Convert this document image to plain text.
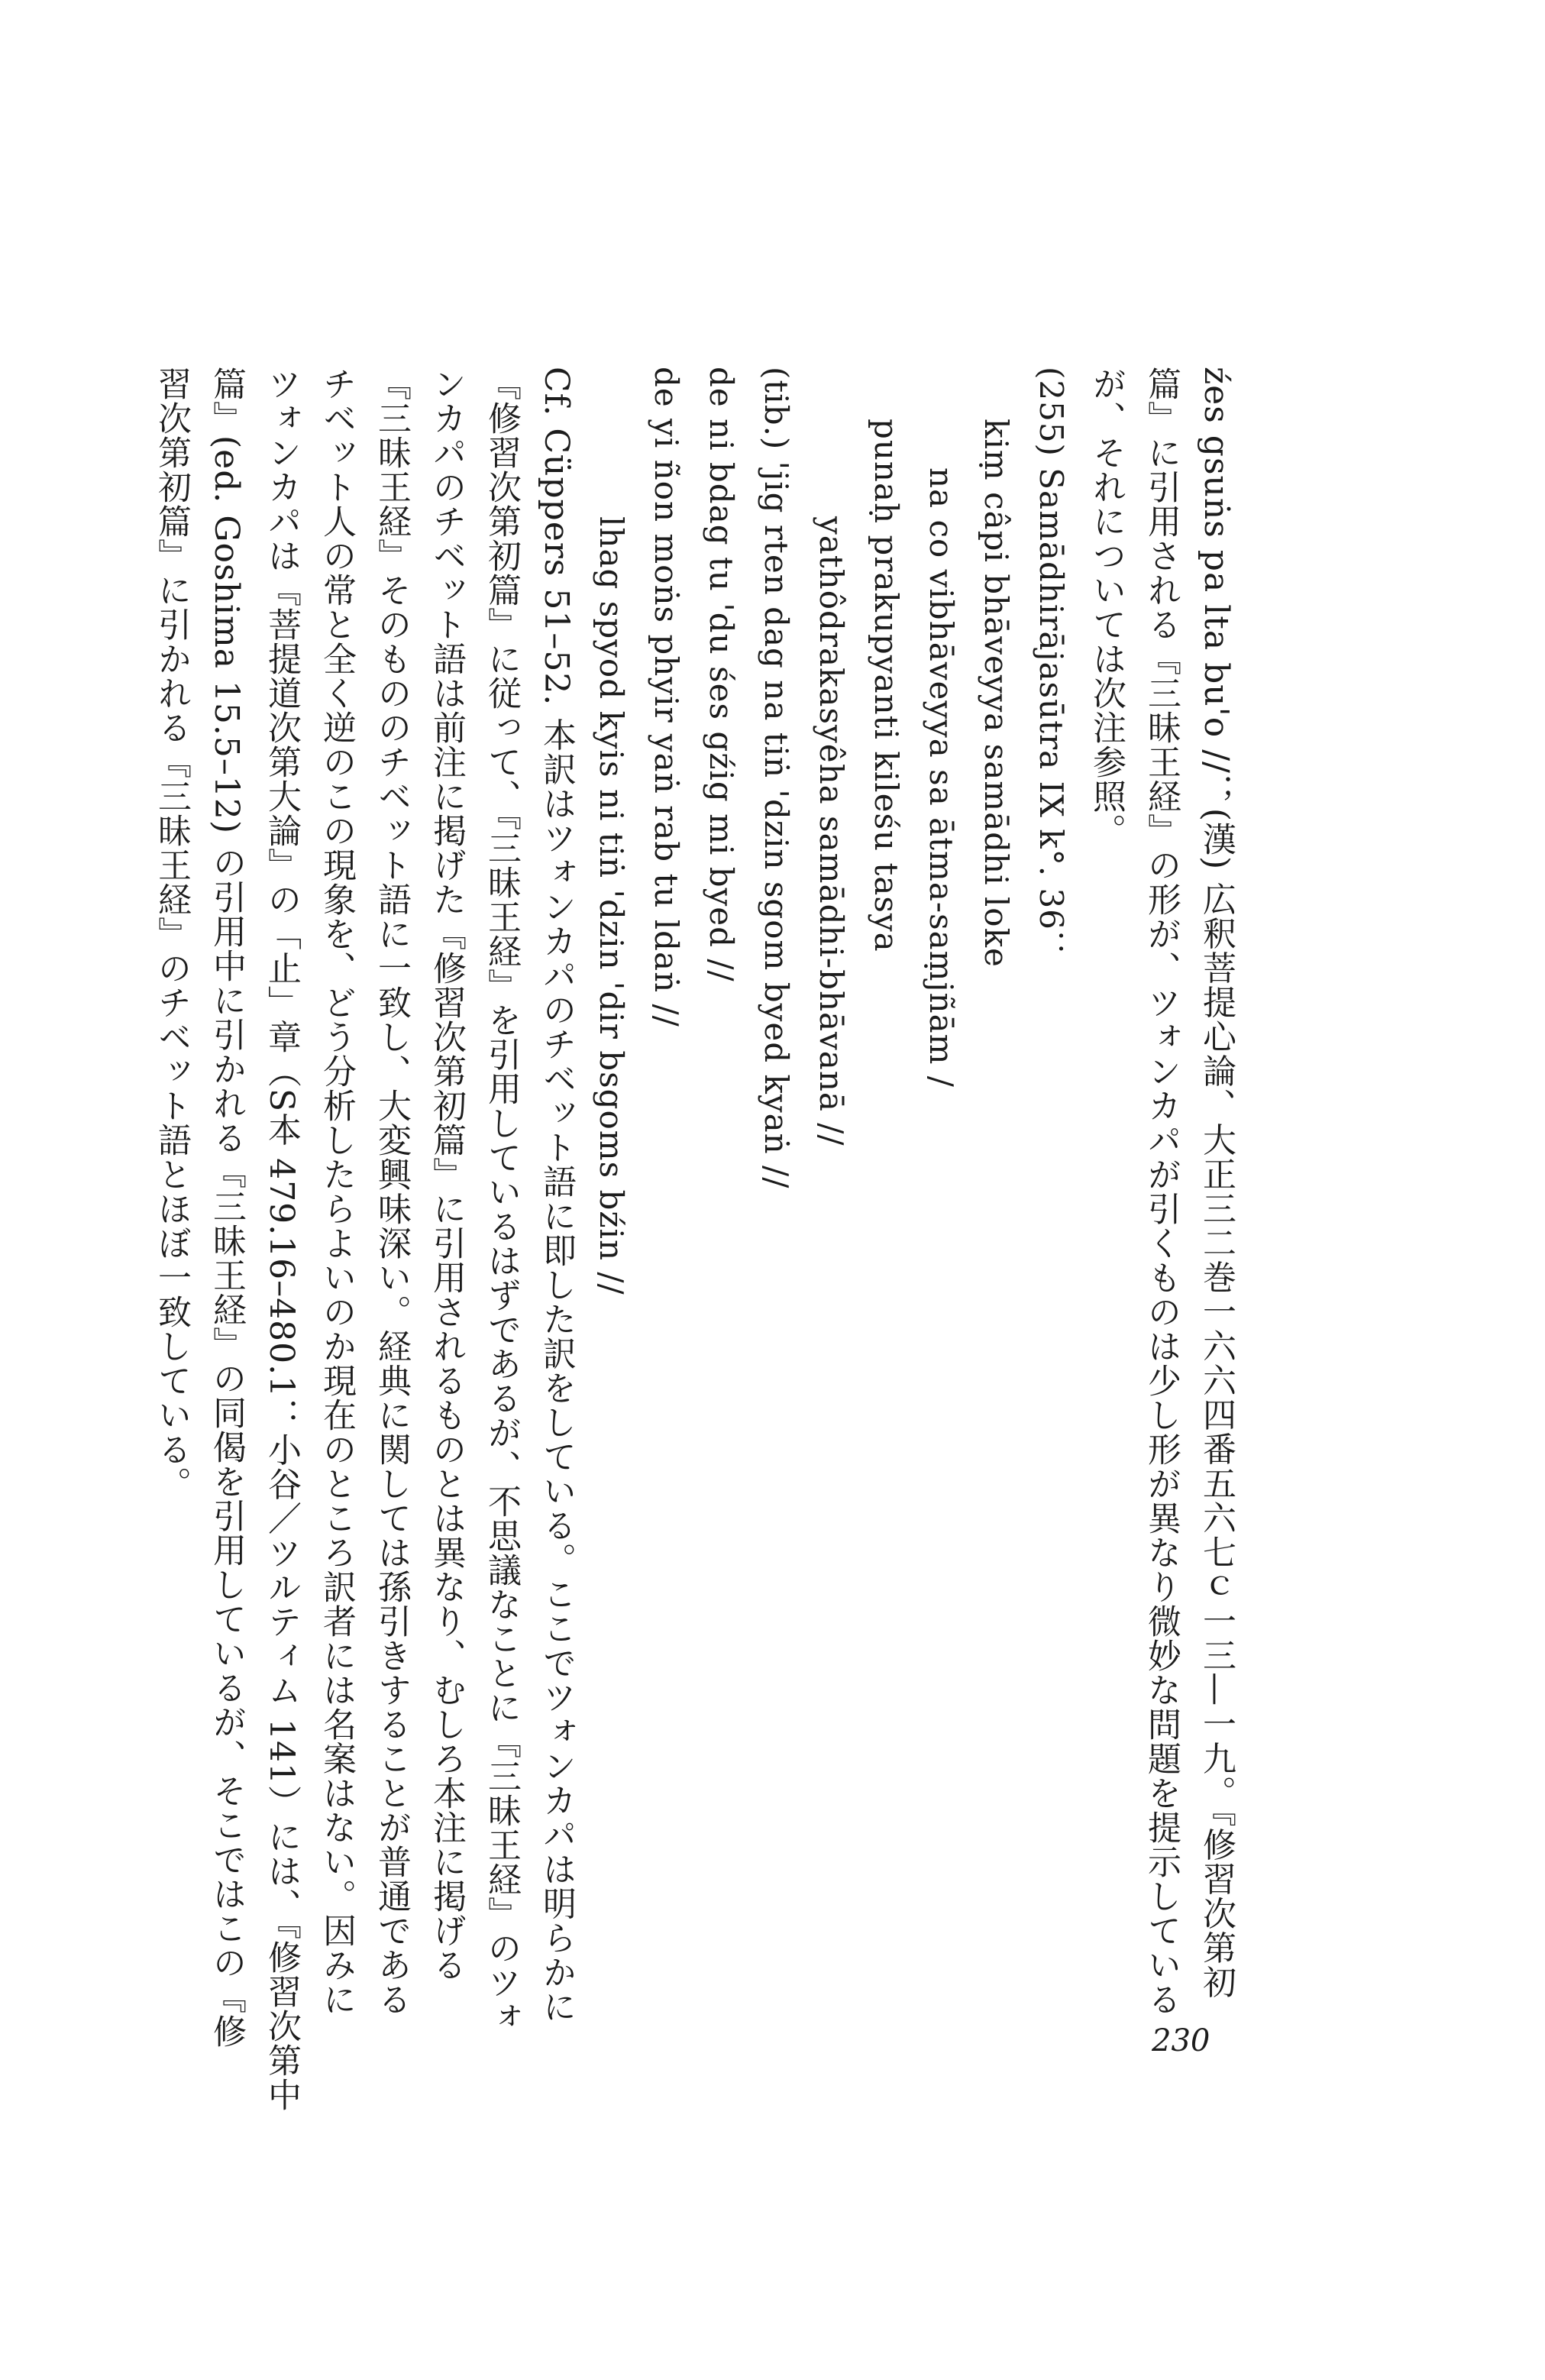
źes gsuṅs pa lta bu'o //；(漢) 広釈菩提心論、大正三二巻一六六四番五六七ｃ一三—一九。『修習次第初
篇』に引用される『三昧王経』の形が、ツォンカパが引くものは少し形が異なり微妙な問題を提示している
が、それについては次注参照。
(255) Samādhirājasūtra IX k°. 36：
kiṃ câpi bhāveyya samādhi loke
na co vibhāveyya sa ātma-saṃjñām /
punaḥ prakupyanti kileśu tasya
yathôdrakasyêha samādhi-bhāvanā //
(tib.) 'jig rten dag na tiṅ 'dzin sgom byed kyaṅ //
de ni bdag tu 'du śes gźig mi byed //
de yi ñon moṅs phyir yaṅ rab tu ldaṅ //
lhag spyod kyis ni tiṅ 'dzin 'dir bsgoms bźin //
Cf. Cüppers 51–52. 本訳はツォンカパのチベット語に即した訳をしている。ここでツォンカパは明らかに
『修習次第初篇』に従って、『三昧王経』を引用しているはずであるが、不思議なことに『三昧王経』のツォ
ンカパのチベット語は前注に掲げた『修習次第初篇』に引用されるものとは異なり、むしろ本注に掲げる
『三昧王経』そのもののチベット語に一致し、大変興味深い。経典に関しては孫引きすることが普通である
チベット人の常と全く逆のこの現象を、どう分析したらよいのか現在のところ訳者には名案はない。因みに
ツォンカパは『菩提道次第大論』の「止」章（S本 479.16–480.1：小谷／ツルティム 141）には、『修習次第中
篇』(ed. Goshima 15.5–12) の引用中に引かれる『三昧王経』の同偈を引用しているが、そこではこの『修
習次第初篇』に引かれる『三昧王経』のチベット語とほぼ一致している。
230
